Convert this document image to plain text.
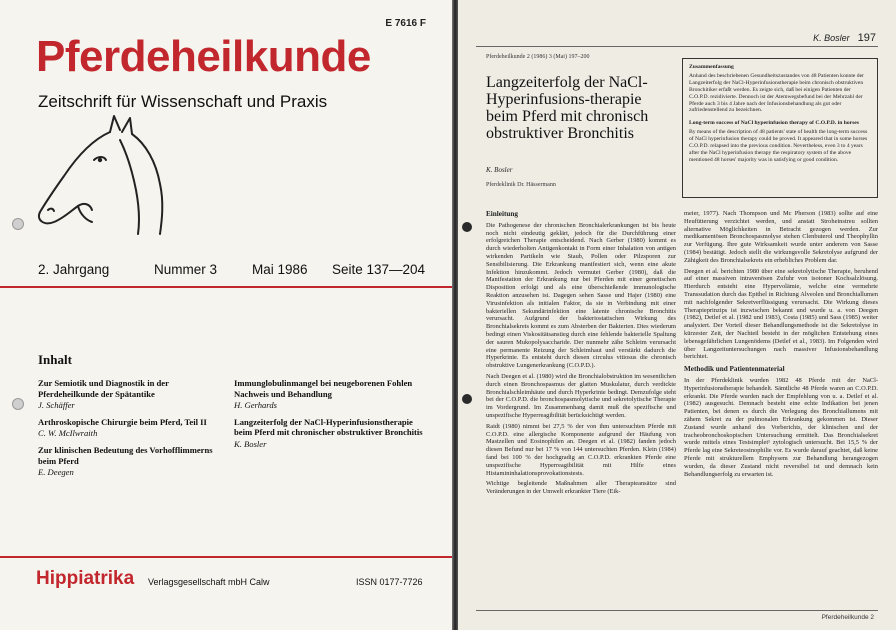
E 7616 F
Pferdeheilkunde
Zeitschrift für Wissenschaft und Praxis
2. Jahrgang	Nummer 3	Mai 1986 Seite 137—204
Inhalt
Zur Semiotik und Diagnostik in der Pferdeheilkunde der Spätantike
J. Schäffer
Arthroskopische Chirurgie beim Pferd, Teil II
C. W. McIlwraith
Zur klinischen Bedeutung des Vorhofflimmerns beim Pferd
E. Deegen
Immunglobulinmangel bei neugeborenen Fohlen Nachweis und Behandlung
H. Gerhards
Langzeiterfolg der NaCl-Hyperinfusionstherapie beim Pferd mit chronischer obstruktiver Bronchitis
K. Bosler
Hippiatrika Verlagsgesellschaft mbH Calw	ISSN 0177-7726
K. Bosler 197
Pferdeheilkunde 2 (1986) 3 (Mai) 197–200
Langzeiterfolg der NaCl-Hyperinfusions-therapie beim Pferd mit chronisch obstruktiver Bronchitis
K. Bosler
Pferdeklinik Dr. Hässermann
Zusammenfassung
Anhand des beschriebenen Gesundheitszustandes von 48 Patienten konnte der Langzeiterfolg der NaCl-Hyperinfusionstherapie beim chronisch obstruktiven Bronchitiker erfaßt werden. Es zeigte sich, daß bei einigen Patienten der C.O.P.D. rezidivierte. Dennoch ist der Atemwegsbefund bei der Mehrzahl der Pferde auch 3 bis 4 Jahre nach der Infusionsbehandlung als gut oder zufriedenstellend zu bezeichnen.
Long-term success of NaCl hyperinfusion therapy of C.O.P.D. in horses
By means of the description of 48 patients' state of health the long-term success of NaCl hyperinfusion therapy could be proved. It appeared that in some horses C.O.P.D. relapsed into the previous condition. Nevertheless, even 3 to 4 years after the NaCl hyperinfusion therapy the respiratory system of the above mentioned 48 horses' majority was in satisfying or good condition.
Einleitung

Die Pathogenese der chronischen Bronchialerkrankungen ist bis heute noch nicht eindeutig geklärt, jedoch für die Durchführung einer erfolgreichen Therapie entscheidend. Nach Gerber (1980) kommt es durch wiederholten Antigenkontakt in Form einer Inhalation von antigen wirkenden Partikeln wie Staub, Pollen oder Pilzsporen zur Sensibilisierung. Die Erkrankung manifestiert sich, wenn eine akute Infektion hinzukommt. Jedoch vermutet Gerber (1980), daß die Manifestation der Erkrankung nur bei Pferden mit einer genetischen Disposition erfolgt und als eine überschießende immunologische Reaktion anzusehen ist. Dagegen sehen Sasse und Hajer (1980) eine Virusinfektion als initialen Faktor, da sie in Verbindung mit einer bakteriellen Sekundärinfektion eine latente chronische Bronchitis verursacht. Aufgrund der bakteriostatischen Wirkung des Bronchialsekrets kommt es zum Absterben der Bakterien. Dies wiederum bedingt einen Viskositätsanstieg durch eine fehlende bakterielle Spaltung der sauren Mukopolysaccharide. Der nunmehr zähe Schleim verursacht eine permanente Reizung der Schleimhaut und verstärkt dadurch die Hyperkrinie. Es entsteht durch diesen circulus vitiosus die chronisch obstruktive Lungenerkrankung (C.O.P.D.).

Nach Deegen et al. (1980) wird die Bronchialobstruktion im wesentlichen durch einen Bronchospasmus der glatten Muskulatur, durch verdickte Bronchialschleimhäute und durch Hyperkrinie bedingt. Demzufolge steht bei der C.O.P.D. die bronchospasmolytische und sekretolytische Therapie im Vordergrund. Im Zusammenhang damit muß die spezifische und unspezifische Hyperreagibilität berücksichtigt werden.

Raidt (1980) nimmt bei 27,5 % der von ihm untersuchten Pferde mit C.O.P.D. eine allergische Komponente aufgrund der Häufung von Mastzellen und Eosinophilen an. Deegen et al. (1982) fanden jedoch diesen Befund nur bei 17 % von 144 untersuchten Pferden. Klein (1984) fand bei 100 % der hochgradig an C.O.P.D. erkrankten Pferde eine unspezifische Hyperreagibilität mit Hilfe eines Histamininhalationsprovokationstests.

Wichtige begleitende Maßnahmen aller Therapieansätze sind Veränderungen in der Umwelt erkrankter Tiere (Eik-

meier, 1977). Nach Thompson und Mc Pherson (1983) sollte auf eine Heufütterung verzichtet werden, und anstatt Stroheinstreu sollten alternative Möglichkeiten in Betracht gezogen werden. Zur medikamentösen Bronchospasmolyse stehen Clenbuterol und Theophyllin zur Verfügung. Ihre gute Wirksamkeit wurde unter anderem von Sasse (1984) bestätigt. Jedoch stellt die wirkungsvolle Sekretolyse aufgrund der Zähigkeit des Bronchialsekrets ein erhebliches Problem dar.

Deegen et al. berichten 1980 über eine sekretolytische Therapie, beruhend auf einer massiven intravenösen Zufuhr von isotoner Kochsalzlösung. Hierdurch entsteht eine Hypervolämie, welche eine vermehrte Transsudation durch das Epithel in Richtung Alveolen und Bronchiallumen mit nachfolgender Sekretverflüssigung verursacht. Die Wirkung dieses Therapieprinzips ist inzwischen bekannt und wurde u. a. von Deegen (1982), Detlef et al. (1982 und 1983), Costa (1985) und Sass (1985) weiter analysiert. Der Vorteil dieser Behandlungsmethode ist die Sekretolyse in kürzester Zeit, der Nachteil besteht in der möglichen Entstehung eines lebensgefährlichen Lungenödems (Detlef et al., 1983). Im Folgenden wird über Langzeituntersuchungen nach massiver Infusionsbehandlung berichtet.

Methodik und Patientenmaterial

In der Pferdeklinik wurden 1982 48 Pferde mit der NaCl-Hyperinfusionstherapie behandelt. Sämtliche 48 Pferde waren an C.O.P.D. erkrankt. Die Pferde wurden nach der Empfehlung von u. a. Detlef et al. (1982) ausgesucht. Demnach besteht eine echte Indikation bei jenen Patienten, bei denen es durch die Verlegung des Bronchiallumens mit zähem Sekret zu der pulmonalen Erkrankung gekommen ist. Dieser Zustand wurde anhand des Vorberichts, der klinischen und der tracheobronchoskopischen Untersuchung ermittelt. Das Bronchialsekret wurde mittels eines Testsimplet¹ zytologisch untersucht. Bei 15,5 % der Pferde lag eine Sekreteosinophilie vor. Es wurde darauf geachtet, daß keine Pferde mit strukturellem Emphysem zur Behandlung herangezogen wurden, da dieser Zustand nicht reversibel ist und demnach kein Behandlungserfolg zu erwarten ist.

Pferdeheilkunde 2
